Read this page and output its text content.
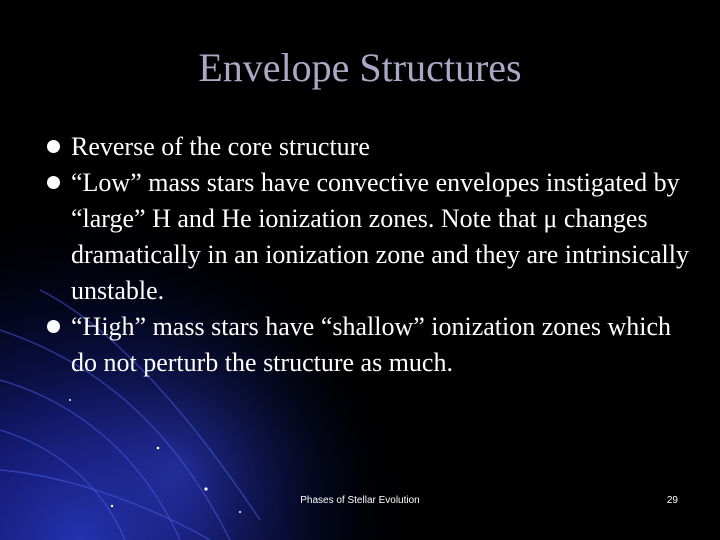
Envelope Structures
Reverse of the core structure
“Low” mass stars have convective envelopes instigated by “large” H and He ionization zones. Note that μ changes dramatically in an ionization zone and they are intrinsically unstable.
“High” mass stars have “shallow” ionization zones which do not perturb the structure as much.
Phases of Stellar Evolution	29
